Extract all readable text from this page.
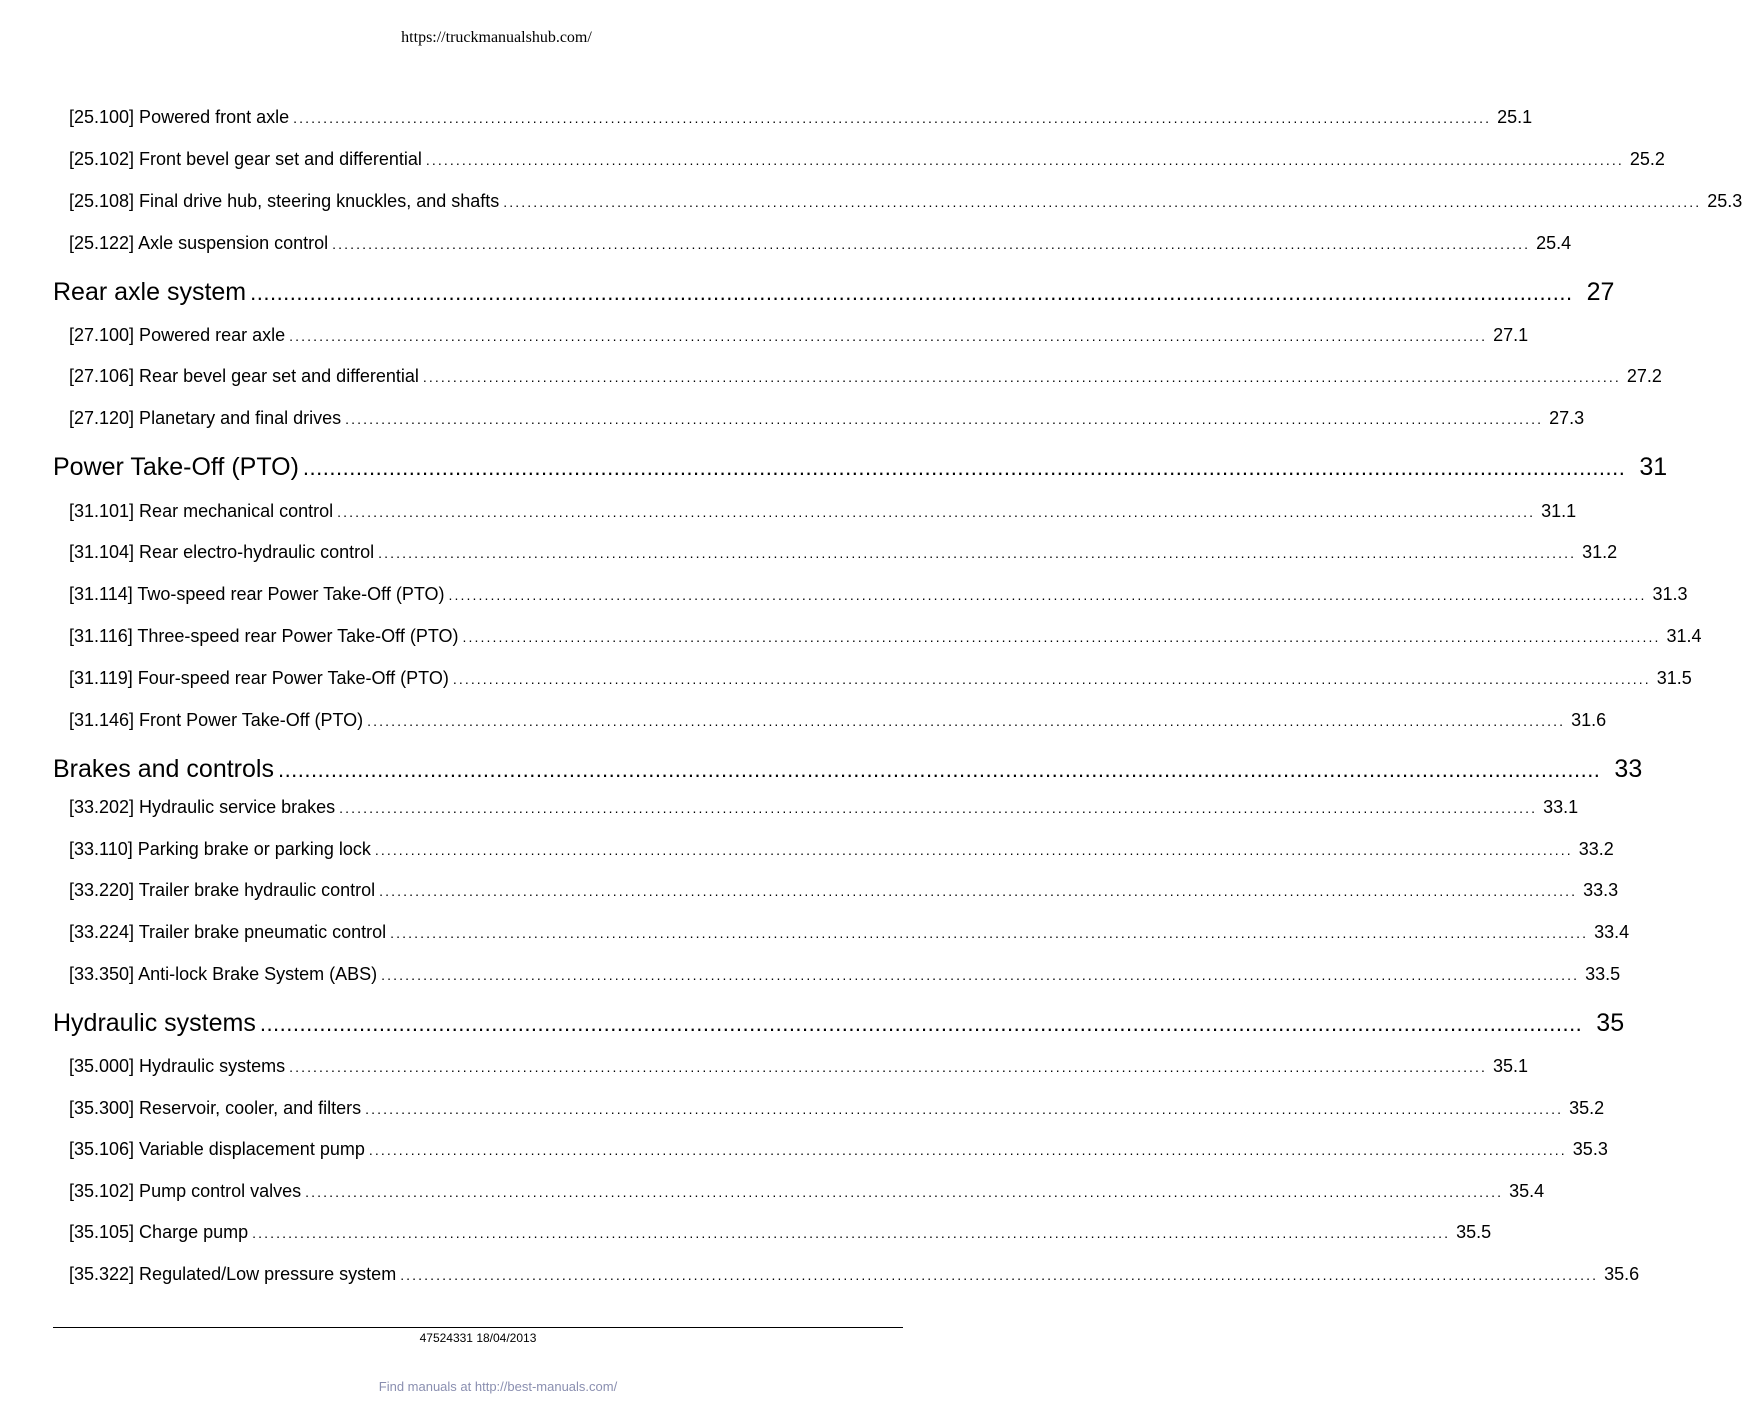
https://truckmanualshub.com/
[25.100] Powered front axle ........................................................................................................................................................................................................ 25.1
[25.102] Front bevel gear set and differential ........................................................................................................................................................................................................ 25.2
[25.108] Final drive hub, steering knuckles, and shafts ........................................................................................................................................................................................................ 25.3
[25.122] Axle suspension control ........................................................................................................................................................................................................ 25.4
Rear axle system ........................................................................................................................................................................................................ 27
[27.100] Powered rear axle ........................................................................................................................................................................................................ 27.1
[27.106] Rear bevel gear set and differential ........................................................................................................................................................................................................ 27.2
[27.120] Planetary and final drives ........................................................................................................................................................................................................ 27.3
Power Take-Off (PTO) ........................................................................................................................................................................................................ 31
[31.101] Rear mechanical control ........................................................................................................................................................................................................ 31.1
[31.104] Rear electro-hydraulic control ........................................................................................................................................................................................................ 31.2
[31.114] Two-speed rear Power Take-Off (PTO) ........................................................................................................................................................................................................ 31.3
[31.116] Three-speed rear Power Take-Off (PTO) ........................................................................................................................................................................................................ 31.4
[31.119] Four-speed rear Power Take-Off (PTO) ........................................................................................................................................................................................................ 31.5
[31.146] Front Power Take-Off (PTO) ........................................................................................................................................................................................................ 31.6
Brakes and controls ........................................................................................................................................................................................................ 33
[33.202] Hydraulic service brakes ........................................................................................................................................................................................................ 33.1
[33.110] Parking brake or parking lock ........................................................................................................................................................................................................ 33.2
[33.220] Trailer brake hydraulic control ........................................................................................................................................................................................................ 33.3
[33.224] Trailer brake pneumatic control ........................................................................................................................................................................................................ 33.4
[33.350] Anti-lock Brake System (ABS) ........................................................................................................................................................................................................ 33.5
Hydraulic systems ........................................................................................................................................................................................................ 35
[35.000] Hydraulic systems ........................................................................................................................................................................................................ 35.1
[35.300] Reservoir, cooler, and filters ........................................................................................................................................................................................................ 35.2
[35.106] Variable displacement pump ........................................................................................................................................................................................................ 35.3
[35.102] Pump control valves ........................................................................................................................................................................................................ 35.4
[35.105] Charge pump ........................................................................................................................................................................................................ 35.5
[35.322] Regulated/Low pressure system ........................................................................................................................................................................................................ 35.6
47524331 18/04/2013
Find manuals at http://best-manuals.com/
